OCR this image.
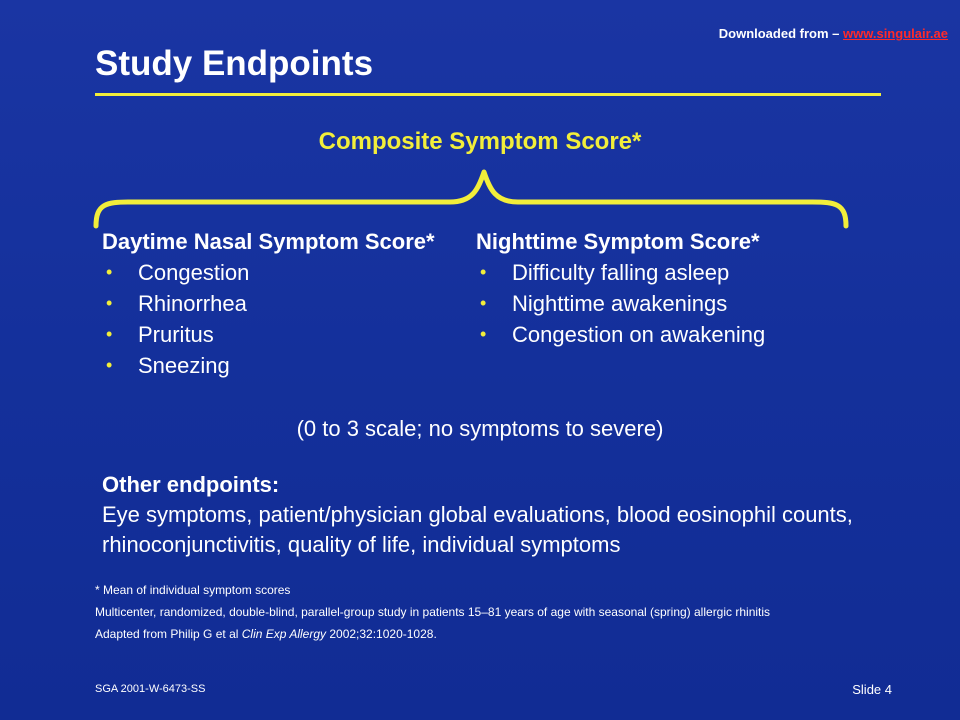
Downloaded from – www.singulair.ae
Study Endpoints
Composite Symptom Score*
Daytime Nasal Symptom Score*
• Congestion
• Rhinorrhea
• Pruritus
• Sneezing
Nighttime Symptom Score*
• Difficulty falling asleep
• Nighttime awakenings
• Congestion on awakening
(0 to 3 scale; no symptoms to severe)
Other endpoints:
Eye symptoms, patient/physician global evaluations, blood eosinophil counts, rhinoconjunctivitis, quality of life, individual symptoms

* Mean of individual symptom scores

Multicenter, randomized, double-blind, parallel-group study in patients 15–81 years of age with seasonal (spring) allergic rhinitis

Adapted from Philip G et al Clin Exp Allergy 2002;32:1020-1028.

SGA 2001-W-6473-SS	Slide 4
